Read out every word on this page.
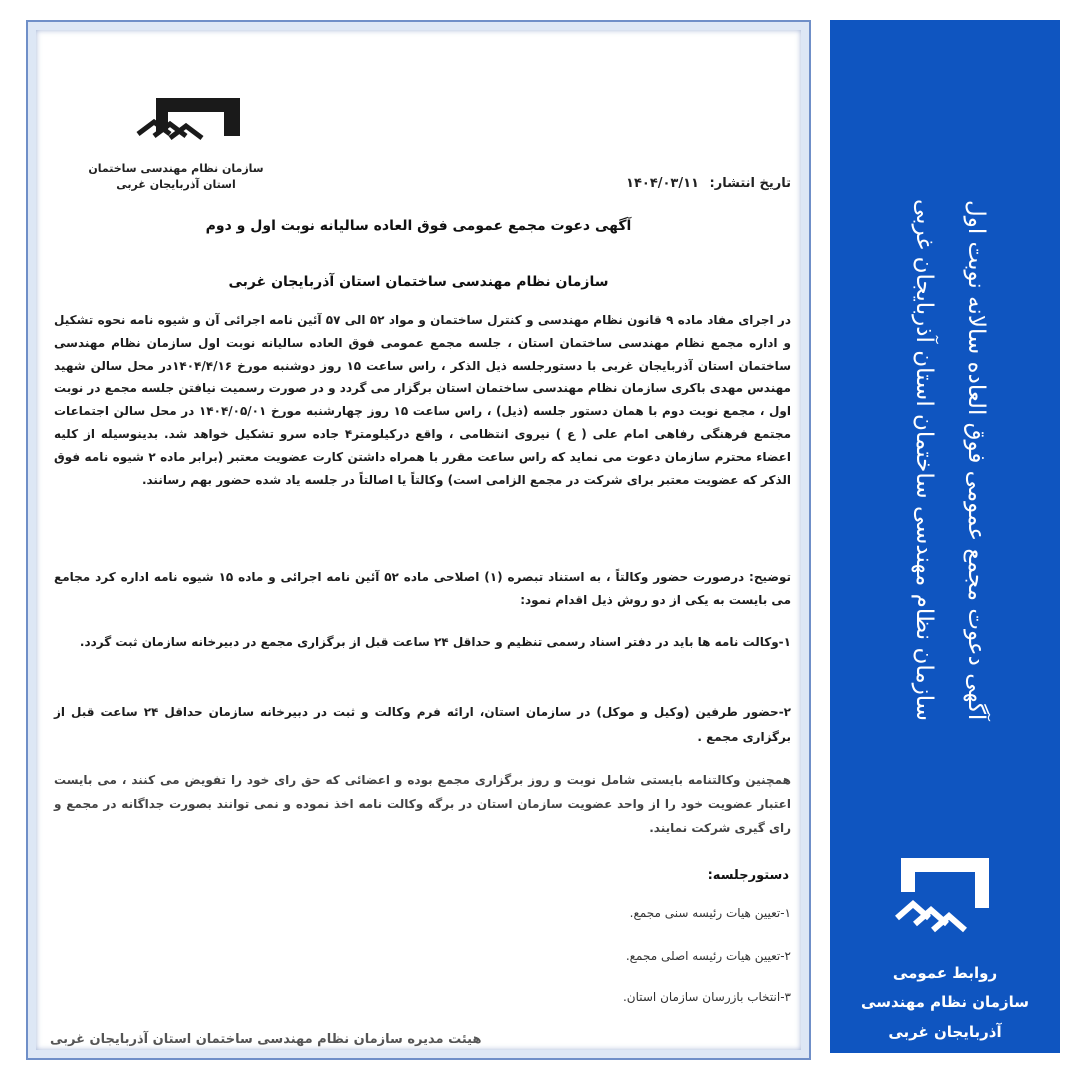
سازمان نظام مهندسی ساختمان
استان آذربایجان غربی	تاریخ انتشار: ۱۴۰۴/۰۳/۱۱
آگهی دعوت مجمع عمومی فوق العاده سالیانه نوبت اول و دوم
سازمان نظام مهندسی ساختمان استان آذربایجان غربی
در اجرای مفاد ماده ۹ قانون نظام مهندسی و کنترل ساختمان و مواد ۵۲ الی ۵۷ آئین نامه اجرائی آن و شیوه نامه نحوه تشکیل و اداره مجمع نظام مهندسی ساختمان استان ، جلسه مجمع عمومی فوق العاده سالیانه نوبت اول سازمان نظام مهندسی ساختمان استان آذربایجان غربی با دستورجلسه ذیل الذکر ، راس ساعت ۱۵ روز دوشنبه مورخ ۱۴۰۴/۴/۱۶در محل سالن شهید مهندس مهدی باکری سازمان نظام مهندسی ساختمان استان برگزار می گردد و در صورت رسمیت نیافتن جلسه مجمع در نوبت اول ، مجمع نوبت دوم با همان دستور جلسه (ذیل) ، راس ساعت ۱۵ روز چهارشنبه مورخ ۱۴۰۴/۰۵/۰۱ در محل سالن اجتماعات مجتمع فرهنگی رفاهی امام علی ( ع ) نیروی انتظامی ، واقع درکیلومتر۴ جاده سرو تشکیل خواهد شد. بدینوسیله از کلیه اعضاء محترم سازمان دعوت می نماید که راس ساعت مقرر با همراه داشتن کارت عضویت معتبر (برابر ماده ۲ شیوه نامه فوق الذکر که عضویت معتبر برای شرکت در مجمع الزامی است) وکالتاً یا اصالتاً در جلسه یاد شده حضور بهم رسانند.
توضیح: درصورت حضور وکالتاً ، به استناد تبصره (۱) اصلاحی ماده ۵۲ آئین نامه اجرائی و ماده ۱۵ شیوه نامه اداره کرد مجامع می بایست به یکی از دو روش ذیل اقدام نمود:
۱-وکالت نامه ها باید در دفتر اسناد رسمی تنظیم و حداقل ۲۴ ساعت قبل از برگزاری مجمع در دبیرخانه سازمان ثبت گردد.
۲-حضور طرفین (وکیل و موکل) در سازمان استان، ارائه فرم وکالت و ثبت در دبیرخانه سازمان حداقل ۲۴ ساعت قبل از برگزاری مجمع .
همچنین وکالتنامه بایستی شامل نوبت و روز برگزاری مجمع بوده و اعضائی که حق رای خود را تفویض می کنند ، می بایست اعتبار عضویت خود را از واحد عضویت سازمان استان در برگه وکالت نامه اخذ نموده و نمی توانند بصورت جداگانه در مجمع و رای گیری شرکت نمایند.
دستورجلسه:
۱-تعیین هیات رئیسه سنی مجمع.
۲-تعیین هیات رئیسه اصلی مجمع.
۳-انتخاب بازرسان سازمان استان.
هیئت مدیره سازمان نظام مهندسی ساختمان استان آذربایجان غربی
آگهی دعوت مجمع عمومی فوق العاده سالانه نوبت اول
سازمان نظام مهندسی ساختمان استان آذربایجان غربی
روابط عمومی
سازمان نظام مهندسی
آذربایجان غربی
